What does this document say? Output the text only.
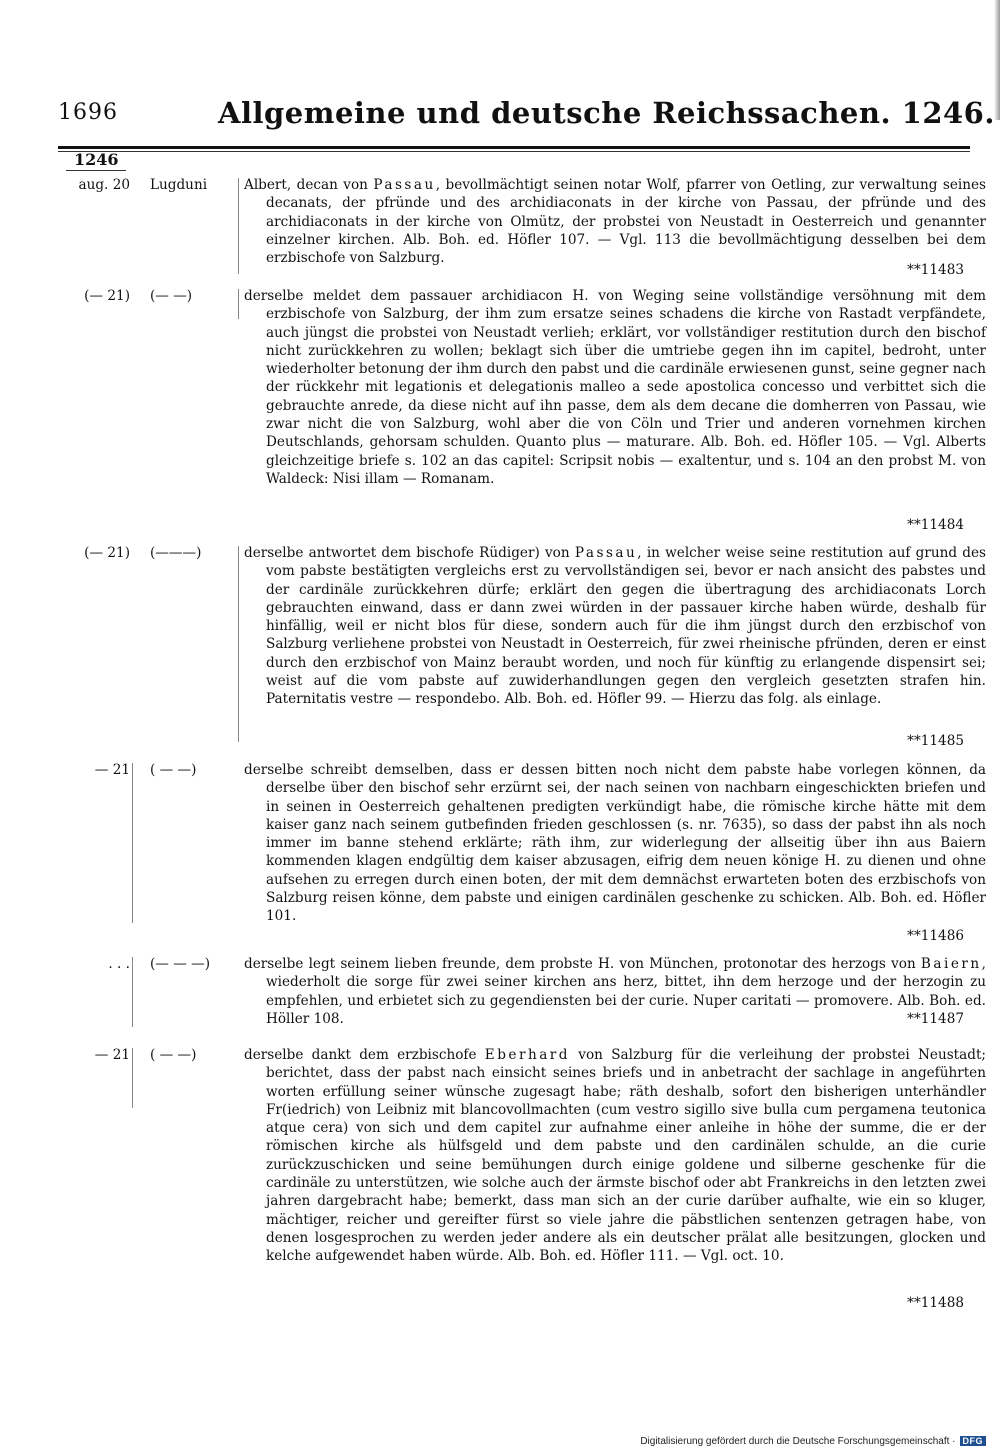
1696	Allgemeine und deutsche Reichssachen. 1246.
1246
aug. 20 Lugduni	Albert, decan von Passau, bevollmächtigt seinen notar Wolf, pfarrer von Oetling, zur verwaltung seines decanats, der pfründe und des archidiaconats in der kirche von Passau, der pfründe und des archidiaconats in der kirche von Olmütz, der probstei von Neustadt in Oesterreich und genannter einzelner kirchen. Alb. Boh. ed. Höfler 107. — Vgl. 113 die bevollmächtigung desselben bei dem erzbischofe von Salzburg.
**11483
(— 21) (— —)	derselbe meldet dem passauer archidiacon H. von Weging seine vollständige versöhnung mit dem erzbischofe von Salzburg, der ihm zum ersatze seines schadens die kirche von Rastadt verpfändete, auch jüngst die probstei von Neustadt verlieh; erklärt, vor vollständiger restitution durch den bischof nicht zurückkehren zu wollen; beklagt sich über die umtriebe gegen ihn im capitel, bedroht, unter wiederholter betonung der ihm durch den pabst und die cardinäle erwiesenen gunst, seine gegner nach der rückkehr mit legationis et delegationis malleo a sede apostolica concesso und verbittet sich die gebrauchte anrede, da diese nicht auf ihn passe, dem als dem decane die domherren von Passau, wie zwar nicht die von Salzburg, wohl aber die von Cöln und Trier und anderen vornehmen kirchen Deutschlands, gehorsam schulden. Quanto plus — maturare. Alb. Boh. ed. Höfler 105. — Vgl. Alberts gleichzeitige briefe s. 102 an das capitel: Scripsit nobis — exaltentur, und s. 104 an den probst M. von Waldeck: Nisi illam — Romanam.
**11484
(— 21) (———)	derselbe antwortet dem bischofe Rüdiger) von Passau, in welcher weise seine restitution auf grund des vom pabste bestätigten vergleichs erst zu vervollständigen sei, bevor er nach ansicht des pabstes und der cardinäle zurückkehren dürfe; erklärt den gegen die übertragung des archidiaconats Lorch gebrauchten einwand, dass er dann zwei würden in der passauer kirche haben würde, deshalb für hinfällig, weil er nicht blos für diese, sondern auch für die ihm jüngst durch den erzbischof von Salzburg verliehene probstei von Neustadt in Oesterreich, für zwei rheinische pfründen, deren er einst durch den erzbischof von Mainz beraubt worden, und noch für künftig zu erlangende dispensirt sei; weist auf die vom pabste auf zuwiderhandlungen gegen den vergleich gesetzten strafen hin. Paternitatis vestre — respondebo. Alb. Boh. ed. Höfler 99. — Hierzu das folg. als einlage.
**11485
— 21 ( — —)	derselbe schreibt demselben, dass er dessen bitten noch nicht dem pabste habe vorlegen können, da derselbe über den bischof sehr erzürnt sei, der nach seinen von nachbarn eingeschickten briefen und in seinen in Oesterreich gehaltenen predigten verkündigt habe, die römische kirche hätte mit dem kaiser ganz nach seinem gutbefinden frieden geschlossen (s. nr. 7635), so dass der pabst ihn als noch immer im banne stehend erklärte; räth ihm, zur widerlegung der allseitig über ihn aus Baiern kommenden klagen endgültig dem kaiser abzusagen, eifrig dem neuen könige H. zu dienen und ohne aufsehen zu erregen durch einen boten, der mit dem demnächst erwarteten boten des erzbischofs von Salzburg reisen könne, dem pabste und einigen cardinälen geschenke zu schicken. Alb. Boh. ed. Höfler 101.
**11486
. . . (— — —)	derselbe legt seinem lieben freunde, dem probste H. von München, protonotar des herzogs von Baiern, wiederholt die sorge für zwei seiner kirchen ans herz, bittet, ihn dem herzoge und der herzogin zu empfehlen, und erbietet sich zu gegendiensten bei der curie. Nuper caritati — promovere. Alb. Boh. ed. Höller 108.	**11487
— 21 ( — —)	derselbe dankt dem erzbischofe Eberhard von Salzburg für die verleihung der probstei Neustadt; berichtet, dass der pabst nach einsicht seines briefs und in anbetracht der sachlage in angeführten worten erfüllung seiner wünsche zugesagt habe; räth deshalb, sofort den bisherigen unterhändler Fr(iedrich) von Leibniz mit blancovollmachten (cum vestro sigillo sive bulla cum pergamena teutonica atque cera) von sich und dem capitel zur aufnahme einer anleihe in höhe der summe, die er der römischen kirche als hülfsgeld und dem pabste und den cardinälen schulde, an die curie zurückzuschicken und seine bemühungen durch einige goldene und silberne geschenke für die cardinäle zu unterstützen, wie solche auch der ärmste bischof oder abt Frankreichs in den letzten zwei jahren dargebracht habe; bemerkt, dass man sich an der curie darüber aufhalte, wie ein so kluger, mächtiger, reicher und gereifter fürst so viele jahre die päbstlichen sentenzen getragen habe, von denen losgesprochen zu werden jeder andere als ein deutscher prälat alle besitzungen, glocken und kelche aufgewendet haben würde. Alb. Boh. ed. Höfler 111. — Vgl. oct. 10.
**11488
Digitalisierung gefördert durch die Deutsche Forschungsgemeinschaft · DFG
